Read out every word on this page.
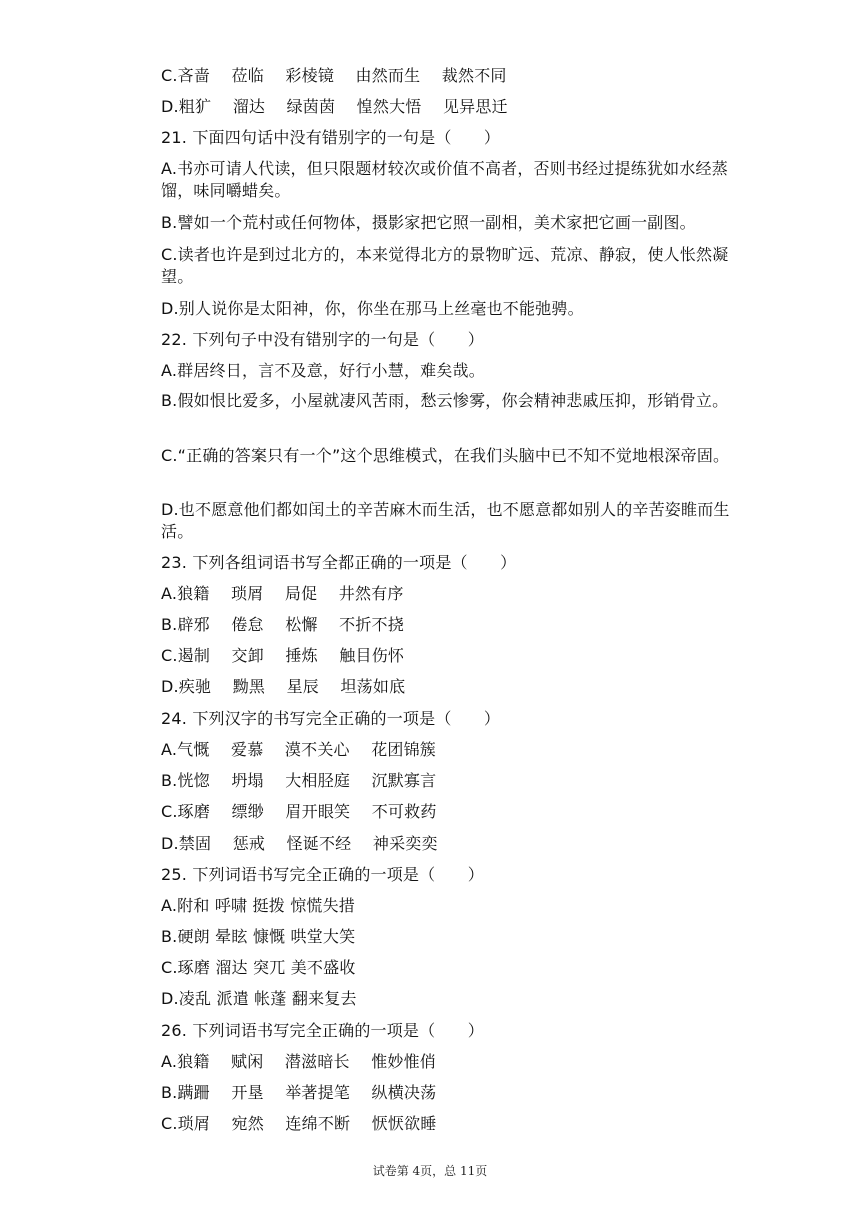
C.吝啬　 莅临　 彩棱镜　 由然而生　 裁然不同
D.粗犷　 溜达　 绿茵茵　 惶然大悟　 见异思迁
21. 下面四句话中没有错别字的一句是（　　）
A.书亦可请人代读，但只限题材较次或价值不高者，否则书经过提练犹如水经蒸馏，味同嚼蜡矣。
B.譬如一个荒村或任何物体，摄影家把它照一副相，美术家把它画一副图。
C.读者也许是到过北方的，本来觉得北方的景物旷远、荒凉、静寂，使人怅然凝望。
D.别人说你是太阳神，你，你坐在那马上丝毫也不能弛骋。
22. 下列句子中没有错别字的一句是（　　）
A.群居终日，言不及意，好行小慧，难矣哉。
B.假如恨比爱多，小屋就凄风苦雨，愁云惨雾，你会精神悲戚压抑，形销骨立。
C.“正确的答案只有一个”这个思维模式，在我们头脑中已不知不觉地根深帝固。
D.也不愿意他们都如闰土的辛苦麻木而生活，也不愿意都如别人的辛苦姿睢而生活。
23. 下列各组词语书写全都正确的一项是（　　）
A.狼籍　 琐屑　 局促　 井然有序
B.辟邪　 倦怠　 松懈　 不折不挠
C.遏制　 交卸　 捶炼　 触目伤怀
D.疾驰　 黝黑　 星辰　 坦荡如底
24. 下列汉字的书写完全正确的一项是（　　）
A.气慨　 爱慕　 漠不关心　 花团锦簇
B.恍惚　 坍塌　 大相胫庭　 沉默寡言
C.琢磨　 缥缈　 眉开眼笑　 不可救药
D.禁固　 惩戒　 怪诞不经　 神采奕奕
25. 下列词语书写完全正确的一项是（　　）
A.附和 呼啸 挺拨 惊慌失措
B.硬朗 晕眩 慷慨 哄堂大笑
C.琢磨 溜达 突兀 美不盛收
D.凌乱 派遣 帐蓬 翻来复去
26. 下列词语书写完全正确的一项是（　　）
A.狼籍　 赋闲　 潜滋暗长　 惟妙惟俏
B.蹒跚　 开垦　 举著提笔　 纵横决荡
C.琐屑　 宛然　 连绵不断　 恹恹欲睡
试卷第 4页，总 11页
